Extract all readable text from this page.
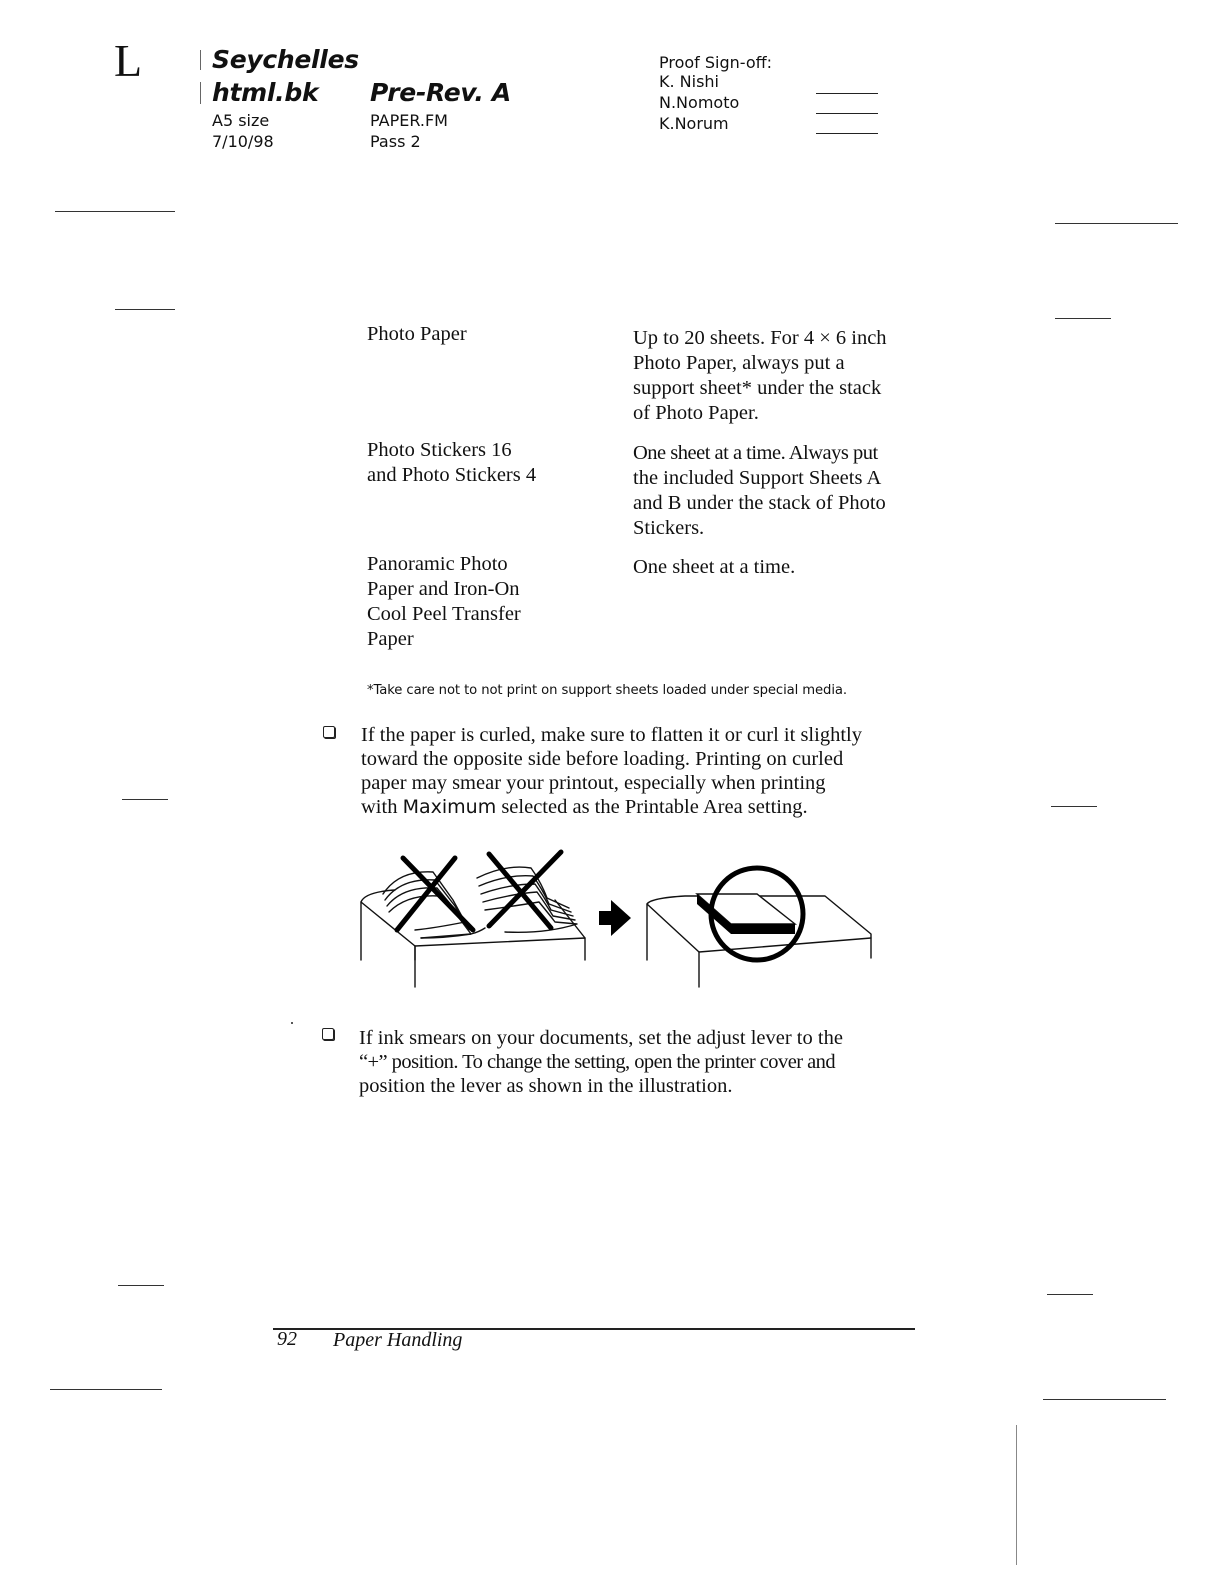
L	Seychelles
html.bk Pre-Rev. A
A5 size
7/10/98
PAPER.FM
Pass 2
Proof Sign-off:
K. Nishi
N.Nomoto
K.Norum
Photo Paper	Up to 20 sheets. For 4 × 6 inch
Photo Paper, always put a
support sheet* under the stack
of Photo Paper.
Photo Stickers 16
and Photo Stickers 4
One sheet at a time. Always put
the included Support Sheets A
and B under the stack of Photo
Stickers.
Panoramic Photo
Paper and Iron-On
Cool Peel Transfer
Paper
One sheet at a time.
*Take care not to not print on support sheets loaded under special media.
If the paper is curled, make sure to flatten it or curl it slightly
toward the opposite side before loading. Printing on curled
paper may smear your printout, especially when printing
with Maximum selected as the Printable Area setting.
If ink smears on your documents, set the adjust lever to the
“+” position. To change the setting, open the printer cover and
position the lever as shown in the illustration.
92 Paper Handling
